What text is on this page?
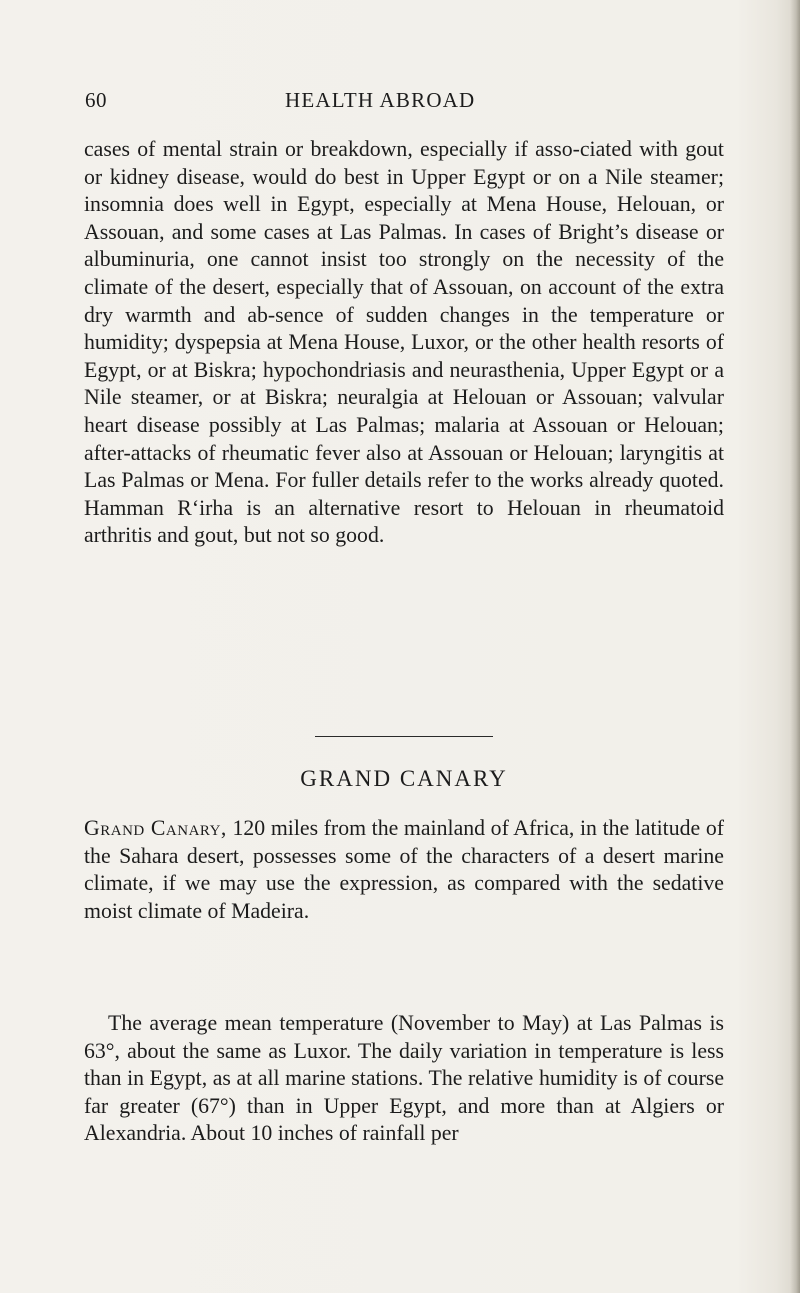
60	HEALTH ABROAD

cases of mental strain or breakdown, especially if asso-ciated with gout or kidney disease, would do best in Upper Egypt or on a Nile steamer; insomnia does well in Egypt, especially at Mena House, Helouan, or Assouan, and some cases at Las Palmas. In cases of Bright’s disease or albuminuria, one cannot insist too strongly on the necessity of the climate of the desert, especially that of Assouan, on account of the extra dry warmth and ab-sence of sudden changes in the temperature or humidity; dyspepsia at Mena House, Luxor, or the other health resorts of Egypt, or at Biskra; hypochondriasis and neurasthenia, Upper Egypt or a Nile steamer, or at Biskra; neuralgia at Helouan or Assouan; valvular heart disease possibly at Las Palmas; malaria at Assouan or Helouan; after-attacks of rheumatic fever also at Assouan or Helouan; laryngitis at Las Palmas or Mena. For fuller details refer to the works already quoted. Hamman R‘irha is an alternative resort to Helouan in rheumatoid arthritis and gout, but not so good.

GRAND CANARY

Grand Canary, 120 miles from the mainland of Africa, in the latitude of the Sahara desert, possesses some of the characters of a desert marine climate, if we may use the expression, as compared with the sedative moist climate of Madeira.

The average mean temperature (November to May) at Las Palmas is 63°, about the same as Luxor. The daily variation in temperature is less than in Egypt, as at all marine stations. The relative humidity is of course far greater (67°) than in Upper Egypt, and more than at Algiers or Alexandria. About 10 inches of rainfall per
